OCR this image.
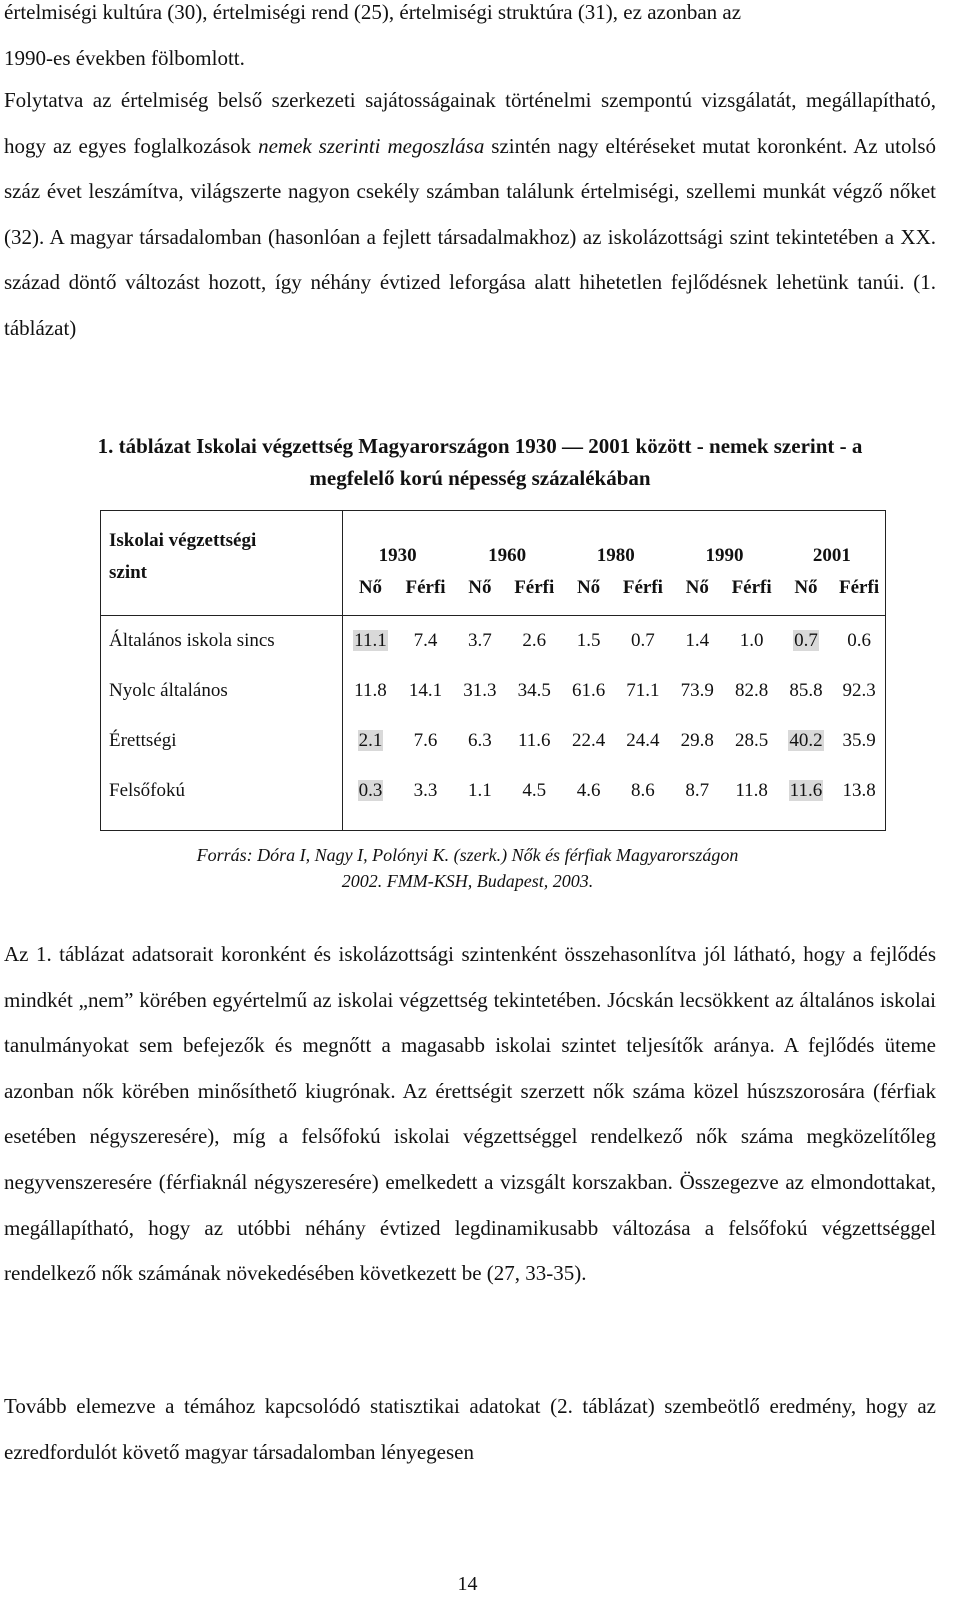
értelmiségi kultúra (30), értelmiségi rend (25), értelmiségi struktúra (31), ez azonban az
1990-es években fölbomlott.

Folytatva az értelmiség belső szerkezeti sajátosságainak történelmi szempontú vizsgálatát, megállapítható, hogy az egyes foglalkozások nemek szerinti megoszlása szintén nagy eltéréseket mutat koronként. Az utolsó száz évet leszámítva, világszerte nagyon csekély számban találunk értelmiségi, szellemi munkát végző nőket (32). A magyar társadalomban (hasonlóan a fejlett társadalmakhoz) az iskolázottsági szint tekintetében a XX. század döntő változást hozott, így néhány évtized leforgása alatt hihetetlen fejlődésnek lehetünk tanúi. (1. táblázat)

1. táblázat Iskolai végzettség Magyarországon 1930 — 2001 között - nemek szerint - a
megfelelő korú népesség százalékában

Iskolai végzettségi
szint	1930		1960		1980		1990		2001	
	Nő	Férfi	Nő	Férfi	Nő	Férfi	Nő	Férfi	Nő	Férfi

Általános iskola sincs	11.1	7.4	3.7	2.6	1.5	0.7	1.4	1.0	0.7	0.6
Nyolc általános	11.8	14.1	31.3	34.5	61.6	71.1	73.9	82.8	85.8	92.3
Érettségi	2.1	7.6	6.3	11.6	22.4	24.4	29.8	28.5	40.2	35.9
Felsőfokú	0.3	3.3	1.1	4.5	4.6	8.6	8.7	11.8	11.6	13.8

Forrás: Dóra I, Nagy I, Polónyi K. (szerk.) Nők és férfiak Magyarországon
2002. FMM-KSH, Budapest, 2003.

Az 1. táblázat adatsorait koronként és iskolázottsági szintenként összehasonlítva jól látható, hogy a fejlődés mindkét „nem” körében egyértelmű az iskolai végzettség tekintetében. Jócskán lecsökkent az általános iskolai tanulmányokat sem befejezők és megnőtt a magasabb iskolai szintet teljesítők aránya. A fejlődés üteme azonban nők körében minősíthető kiugrónak. Az érettségit szerzett nők száma közel húszszorosára (férfiak esetében négyszeresére), míg a felsőfokú iskolai végzettséggel rendelkező nők száma megközelítőleg negyvenszeresére (férfiaknál négyszeresére) emelkedett a vizsgált korszakban. Összegezve az elmondottakat, megállapítható, hogy az utóbbi néhány évtized legdinamikusabb változása a felsőfokú végzettséggel rendelkező nők számának növekedésében következett be (27, 33-35).

Tovább elemezve a témához kapcsolódó statisztikai adatokat (2. táblázat) szembeötlő eredmény, hogy az ezredfordulót követő magyar társadalomban lényegesen

14
